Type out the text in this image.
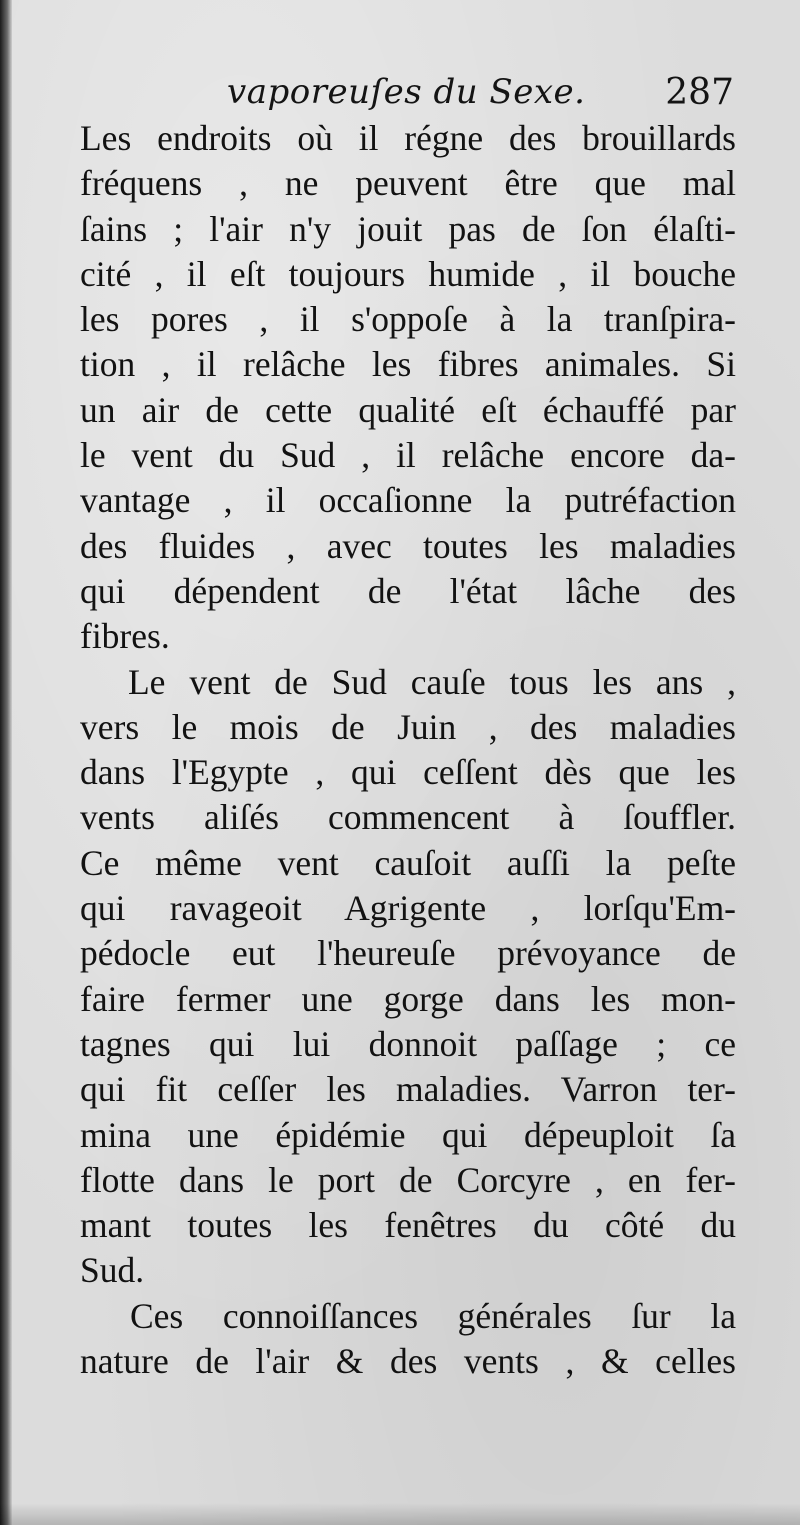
vaporeuſes du Sexe. 287
Les endroits où il régne des brouillards
fréquens , ne peuvent être que mal
ſains ; l'air n'y jouit pas de ſon élaſti-
cité , il eſt toujours humide , il bouche
les pores , il s'oppoſe à la tranſpira-
tion , il relâche les fibres animales. Si
un air de cette qualité eſt échauffé par
le vent du Sud , il relâche encore da-
vantage , il occaſionne la putréfaction
des fluides , avec toutes les maladies
qui dépendent de l'état lâche des
fibres.
Le vent de Sud cauſe tous les ans ,
vers le mois de Juin , des maladies
dans l'Egypte , qui ceſſent dès que les
vents aliſés commencent à ſouffler.
Ce même vent cauſoit auſſi la peſte
qui ravageoit Agrigente , lorſqu'Em-
pédocle eut l'heureuſe prévoyance de
faire fermer une gorge dans les mon-
tagnes qui lui donnoit paſſage ; ce
qui fit ceſſer les maladies. Varron ter-
mina une épidémie qui dépeuploit ſa
flotte dans le port de Corcyre , en fer-
mant toutes les fenêtres du côté du
Sud.
Ces connoiſſances générales ſur la
nature de l'air & des vents , & celles
